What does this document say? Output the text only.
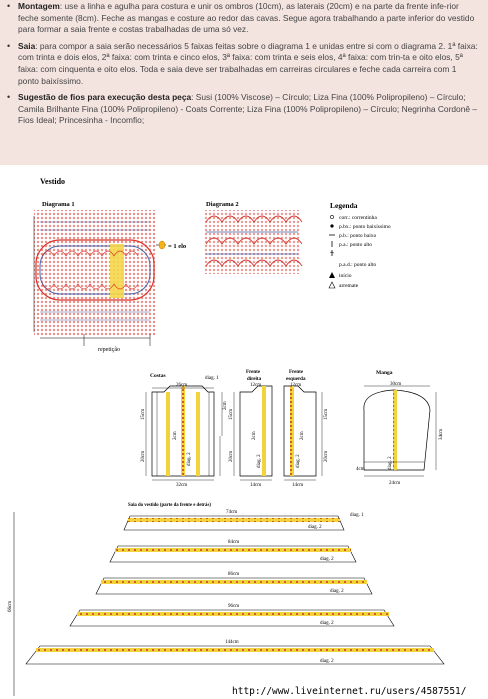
• Montagem: use a linha e agulha para costura e unir os ombros (10cm), as laterais (20cm) e na parte da frente infe-rior feche somente (8cm). Feche as mangas e costure ao redor das cavas. Segue agora trabalhando a parte inferior do vestido para formar a saia frente e costas trabalhadas de uma só vez.
• Saia: para compor a saia serão necessários 5 faixas feitas sobre o diagrama 1 e unidas entre si com o diagrama 2. 1ª faixa: com trinta e dois elos, 2ª faixa: com trinta e cinco elos, 3ª faixa: com trinta e seis elos, 4ª faixa: com trin-ta e oito elos, 5ª faixa: com cinquenta e oito elos. Toda e saia deve ser trabalhadas em carreiras circulares e feche cada carreira com 1 ponto baixíssimo.
• Sugestão de fios para execução desta peça: Susi (100% Viscose) – Círculo; Liza Fina (100% Polipropileno) – Círculo; Camila Brilhante Fina (100% Polipropileno) - Coats Corrente; Liza Fina (100% Polipropileno) – Círculo; Negrinha Cordonê – Fios Ideal; Princesinha - Incomfio;
Vestido
Diagrama 1
= 1 elo
repetição
Diagrama 2	Legenda
corr.: correntinha
p.bx.: ponto baixíssimo
p.b.: ponto baixo
p.a.: ponto alto
p.a.d.: ponto alto
início
arremate
Costas	diag. 1
26cm
32cm
15cm
20cm
2cm
2cm
diag. 2
Frente
direita
12cm
14cm
15cm
20cm
2cm
diag. 2
Frente
esquerda
12cm
14cm
15cm
20cm
2cm
diag. 2
Manga
30cm
24cm
34cm
4cm	diag. 2
Saia do vestido (parte da frente e detrás)
66cm
74cm
diag. 1
diag. 2
84cm
diag. 2
86cm
diag. 2
96cm
diag. 2
144cm
diag. 2
http://www.liveinternet.ru/users/4587551/
